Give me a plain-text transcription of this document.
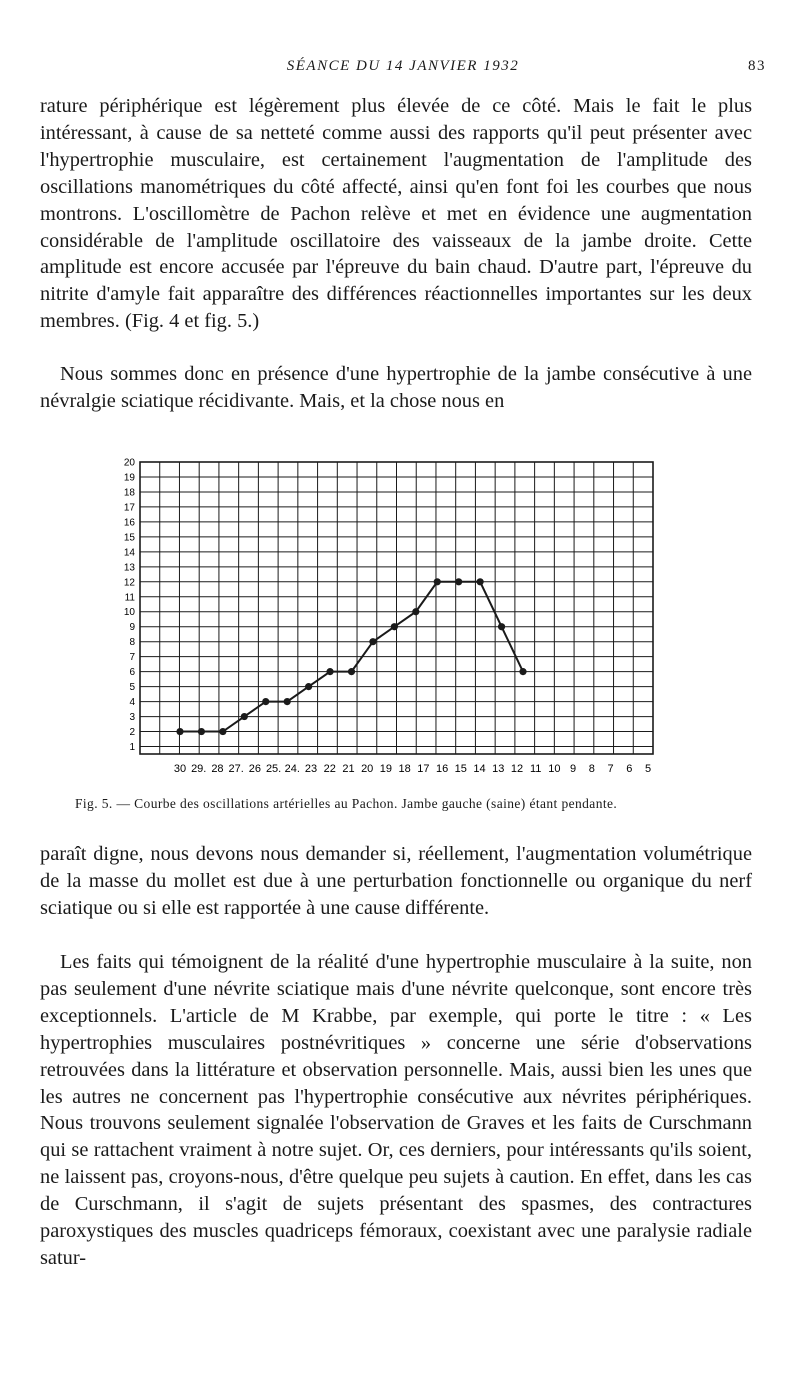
SÉANCE DU 14 JANVIER 1932	83

rature périphérique est légèrement plus élevée de ce côté. Mais le fait le plus intéressant, à cause de sa netteté comme aussi des rapports qu'il peut présenter avec l'hypertrophie musculaire, est certainement l'augmentation de l'amplitude des oscillations manométriques du côté affecté, ainsi qu'en font foi les courbes que nous montrons. L'oscillomètre de Pachon relève et met en évidence une augmentation considérable de l'amplitude oscillatoire des vaisseaux de la jambe droite. Cette amplitude est encore accusée par l'épreuve du bain chaud. D'autre part, l'épreuve du nitrite d'amyle fait apparaître des différences réactionnelles importantes sur les deux membres. (Fig. 4 et fig. 5.)

Nous sommes donc en présence d'une hypertrophie de la jambe consécutive à une névralgie sciatique récidivante. Mais, et la chose nous en

20
19
18
17
16
15
14
13
12
11
10
9
8
7
6
5
4
3
2
1
30 29. 28 27. 26 25. 24. 23 22 21 20 19 18 17 16 15 14 13 12 11 10 9 8 7 6 5
Fig. 5. — Courbe des oscillations artérielles au Pachon. Jambe gauche (saine) étant pendante.

paraît digne, nous devons nous demander si, réellement, l'augmentation volumétrique de la masse du mollet est due à une perturbation fonctionnelle ou organique du nerf sciatique ou si elle est rapportée à une cause différente.

Les faits qui témoignent de la réalité d'une hypertrophie musculaire à la suite, non pas seulement d'une névrite sciatique mais d'une névrite quelconque, sont encore très exceptionnels. L'article de M Krabbe, par exemple, qui porte le titre : « Les hypertrophies musculaires postnévritiques » concerne une série d'observations retrouvées dans la littérature et observation personnelle. Mais, aussi bien les unes que les autres ne concernent pas l'hypertrophie consécutive aux névrites périphériques. Nous trouvons seulement signalée l'observation de Graves et les faits de Curschmann qui se rattachent vraiment à notre sujet. Or, ces derniers, pour intéressants qu'ils soient, ne laissent pas, croyons-nous, d'être quelque peu sujets à caution. En effet, dans les cas de Curschmann, il s'agit de sujets présentant des spasmes, des contractures paroxystiques des muscles quadriceps fémoraux, coexistant avec une paralysie radiale satur-
